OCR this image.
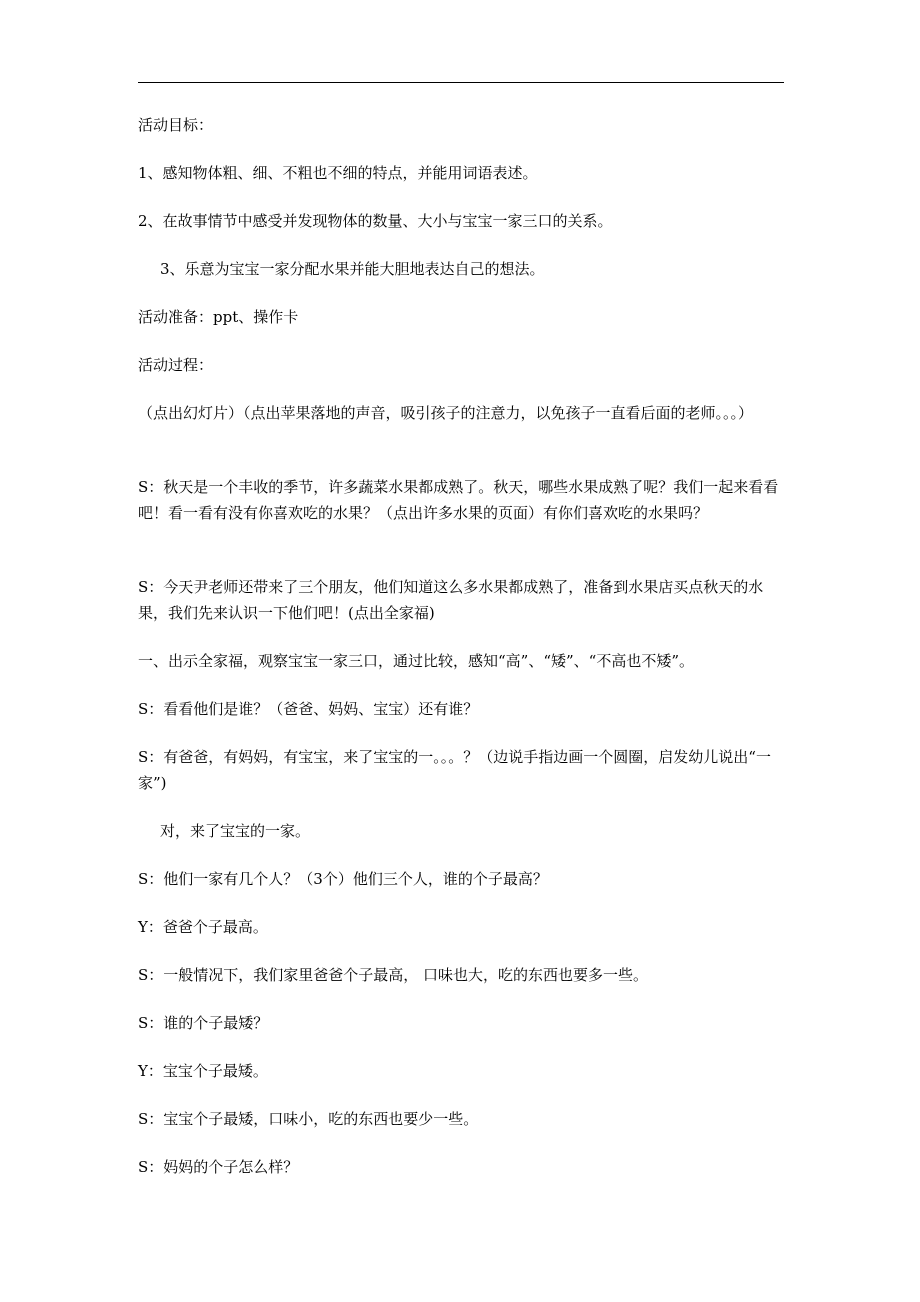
活动目标：

1、感知物体粗、细、不粗也不细的特点，并能用词语表述。

2、在故事情节中感受并发现物体的数量、大小与宝宝一家三口的关系。

3、乐意为宝宝一家分配水果并能大胆地表达自己的想法。

活动准备：ppt、操作卡

活动过程：

（点出幻灯片）（点出苹果落地的声音，吸引孩子的注意力，以免孩子一直看后面的老师。。。）

S：秋天是一个丰收的季节，许多蔬菜水果都成熟了。秋天，哪些水果成熟了呢？我们一起来看看吧！看一看有没有你喜欢吃的水果？（点出许多水果的页面）有你们喜欢吃的水果吗？

S：今天尹老师还带来了三个朋友，他们知道这么多水果都成熟了，准备到水果店买点秋天的水果，我们先来认识一下他们吧！(点出全家福)

一、出示全家福，观察宝宝一家三口，通过比较，感知“高”、“矮”、“不高也不矮”。

S：看看他们是谁？（爸爸、妈妈、宝宝）还有谁？

S：有爸爸，有妈妈，有宝宝，来了宝宝的一。。。？（边说手指边画一个圆圈，启发幼儿说出“一家”)

对，来了宝宝的一家。

S：他们一家有几个人？（3个）他们三个人，谁的个子最高？

Y：爸爸个子最高。

S：一般情况下，我们家里爸爸个子最高， 口味也大，吃的东西也要多一些。

S：谁的个子最矮？

Y：宝宝个子最矮。

S：宝宝个子最矮，口味小，吃的东西也要少一些。

S：妈妈的个子怎么样？
